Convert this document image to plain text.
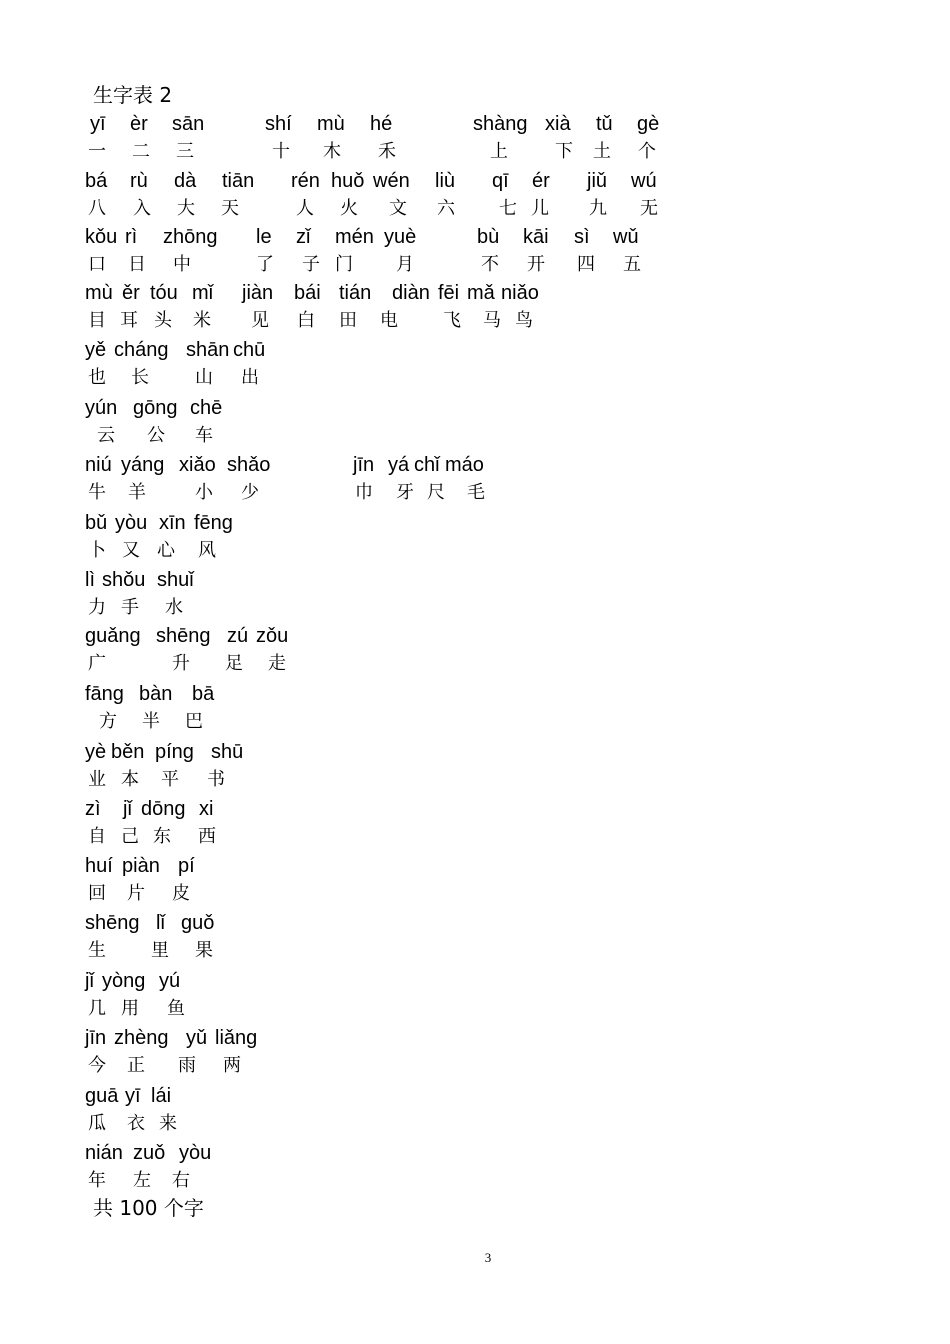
生字表 2
yī èr sān	shí mù hé	shàng xià tǔ gè
一 二 三	十 木 禾	上	下 土 个
bá rù dà tiān rén huǒ wén liù qī ér jiǔ wú
八 入 大 天	人 火 文 六 七 儿 九 无
kǒu rì zhōng le zǐ mén yuè	bù kāi sì wǔ
口 日 中	了 子 门 月	不 开 四 五
mù ěr tóu mǐ jiàn bái tián diàn fēi mǎ niǎo
目 耳 头 米 见 白 田 电	飞 马 鸟
yě cháng shān chū
也 长	山 出
yún gōng chē
云 公 车
niú yáng xiǎo shǎo	jīn yá chǐ máo
牛 羊	小 少	巾 牙 尺 毛
bǔ yòu xīn fēng
卜 又 心 风
lì shǒu shuǐ
力 手 水
guǎng shēng zú zǒu
广	升 足 走
fāng bàn bā
方 半 巴
yè běn píng shū
业 本 平 书
zì jǐ dōng xi
自 己 东 西
huí piàn pí
回 片 皮
shēng lǐ guǒ
生	里 果
jǐ yòng yú
几 用 鱼
jīn zhèng yǔ liǎng
今 正 雨 两
guā yī lái
瓜 衣 来
nián zuǒ yòu
年 左 右
共 100 个字
3
